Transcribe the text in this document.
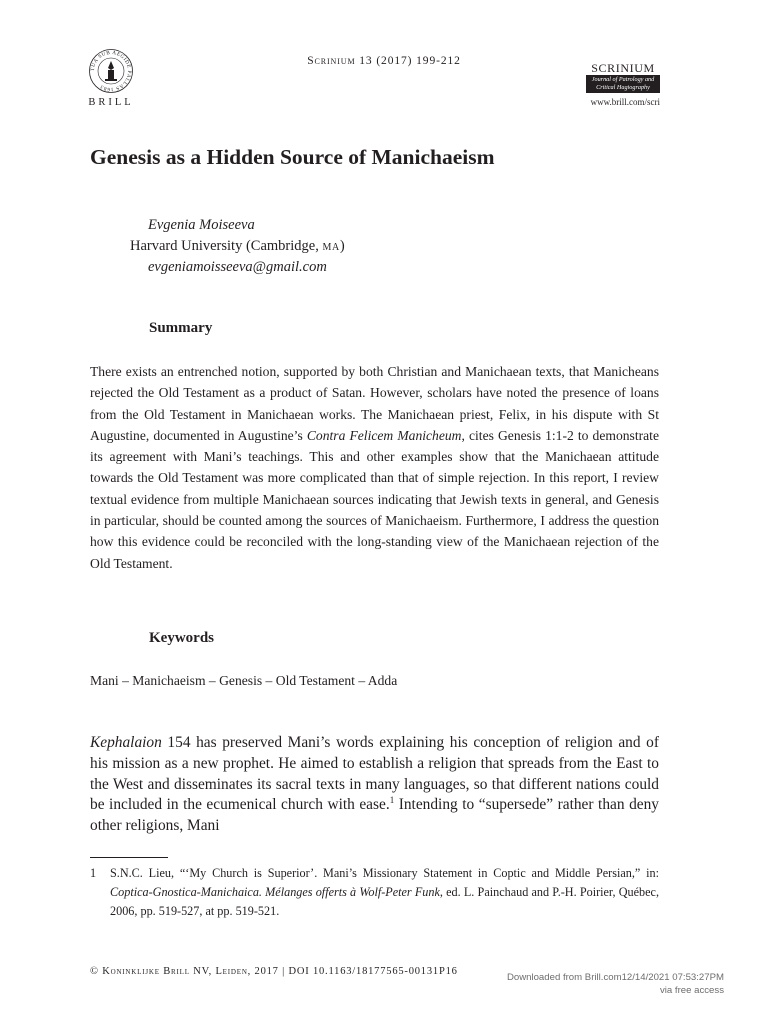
TUA SUB AEGIDE PALLAS 1683
BRILL
Scrinium 13 (2017) 199-212	SCRINIUM
Journal of Patrology and
Critical Hagiography
www.brill.com/scri
Genesis as a Hidden Source of Manichaeism
Evgenia Moiseeva
Harvard University (Cambridge, ma)
evgeniamoisseeva@gmail.com
Summary

There exists an entrenched notion, supported by both Christian and Manichaean texts, that Manicheans rejected the Old Testament as a product of Satan. However, scholars have noted the presence of loans from the Old Testament in Manichaean works. The Manichaean priest, Felix, in his dispute with St Augustine, documented in Augustine’s Contra Felicem Manicheum, cites Genesis 1:1-2 to demonstrate its agreement with Mani’s teachings. This and other examples show that the Manichaean attitude towards the Old Testament was more complicated than that of simple rejection. In this report, I review textual evidence from multiple Manichaean sources indicating that Jewish texts in general, and Genesis in particular, should be counted among the sources of Manichaeism. Furthermore, I address the question how this evidence could be reconciled with the long-standing view of the Manichaean rejection of the Old Testament.

Keywords
Mani – Manichaeism – Genesis – Old Testament – Adda

Kephalaion 154 has preserved Mani’s words explaining his conception of religion and of his mission as a new prophet. He aimed to establish a religion that spreads from the East to the West and disseminates its sacral texts in many languages, so that different nations could be included in the ecumenical church with ease.$^1$ Intending to “supersede” rather than deny other religions, Mani

1 S.N.C. Lieu, “‘My Church is Superior’. Mani’s Missionary Statement in Coptic and Middle Persian,” in: Coptica-Gnostica-Manichaica. Mélanges offerts à Wolf-Peter Funk, ed. L. Painchaud and P.-H. Poirier, Québec, 2006, pp. 519-527, at pp. 519-521.
© Koninklijke Brill NV, Leiden, 2017 | DOI 10.1163/18177565-00131P16
Downloaded from Brill.com12/14/2021 07:53:27PM
via free access
